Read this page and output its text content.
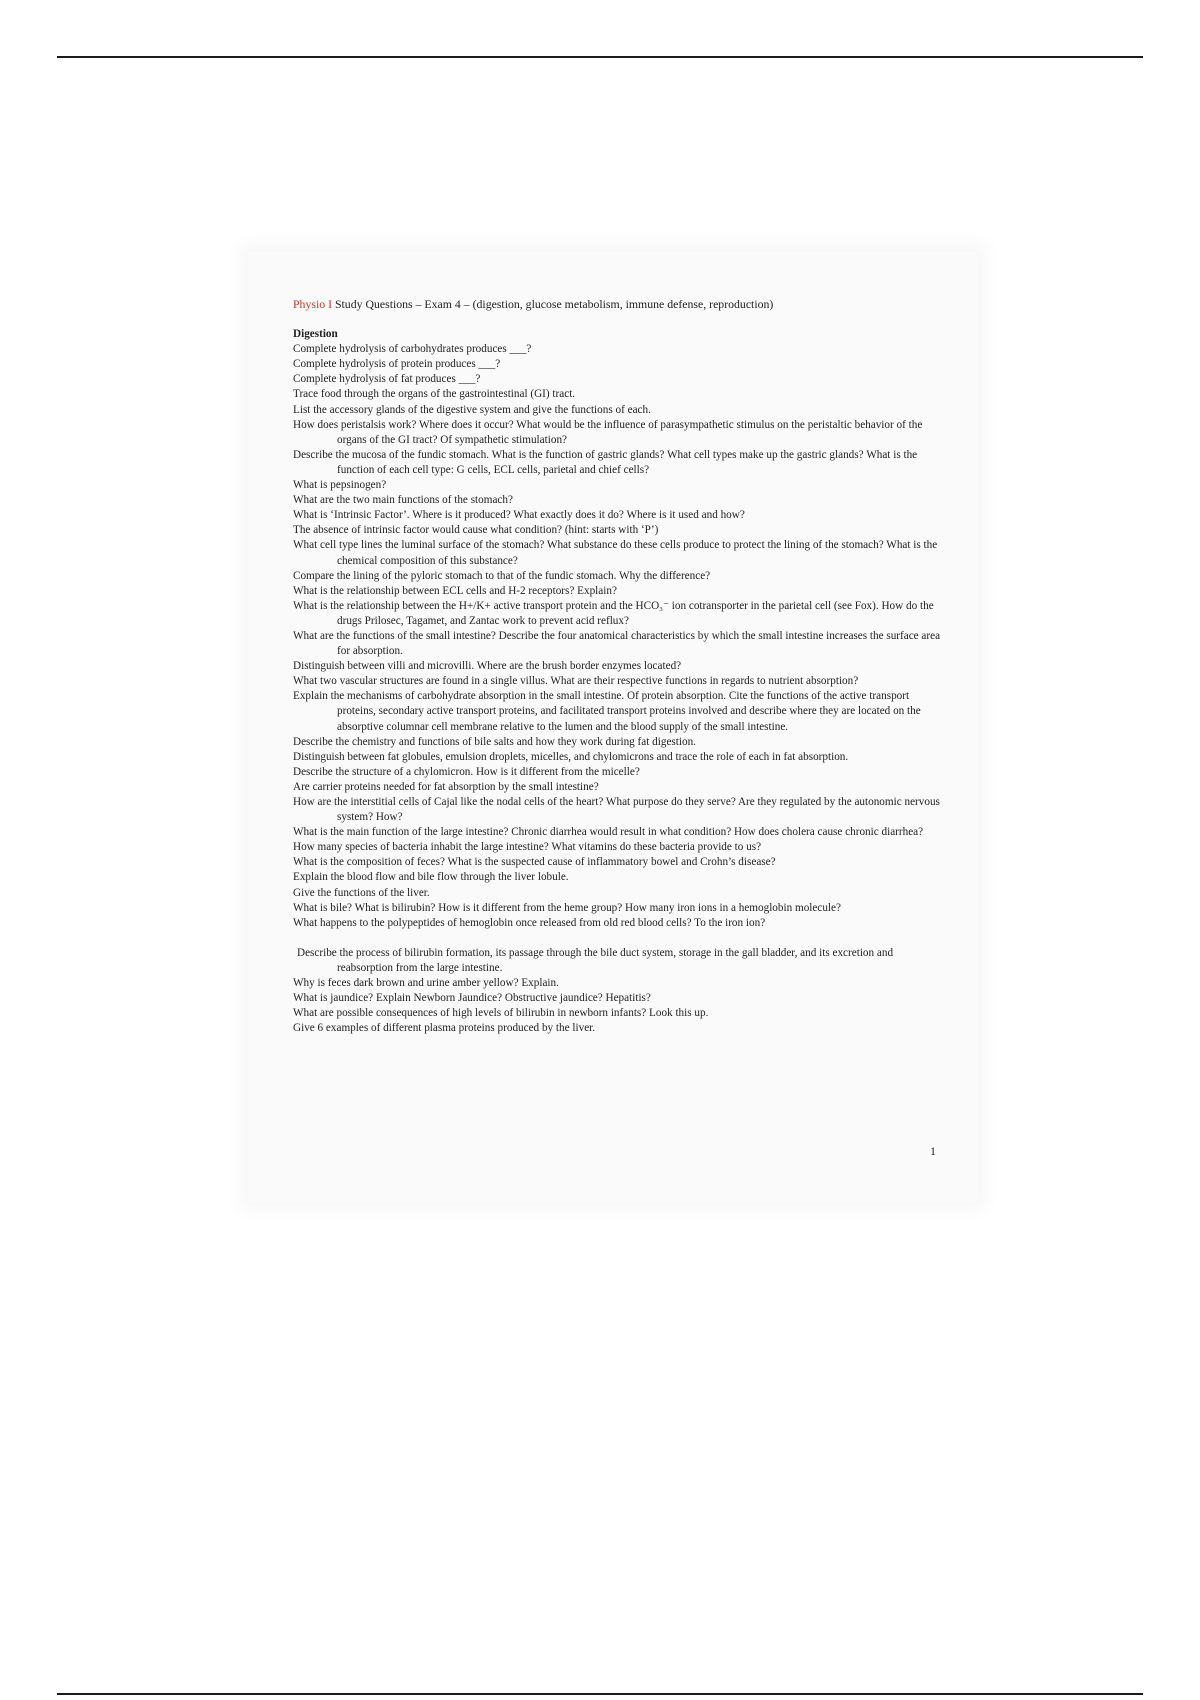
Physio I Study Questions – Exam 4 – (digestion, glucose metabolism, immune defense, reproduction)

Digestion

Complete hydrolysis of carbohydrates produces ___?

Complete hydrolysis of protein produces ___?

Complete hydrolysis of fat produces ___?

Trace food through the organs of the gastrointestinal (GI) tract.

List the accessory glands of the digestive system and give the functions of each.

How does peristalsis work? Where does it occur? What would be the influence of parasympathetic stimulus on the peristaltic behavior of the organs of the GI tract? Of sympathetic stimulation?

Describe the mucosa of the fundic stomach. What is the function of gastric glands? What cell types make up the gastric glands? What is the function of each cell type: G cells, ECL cells, parietal and chief cells?

What is pepsinogen?

What are the two main functions of the stomach?

What is ‘Intrinsic Factor’. Where is it produced? What exactly does it do? Where is it used and how?

The absence of intrinsic factor would cause what condition? (hint: starts with ‘P’)

What cell type lines the luminal surface of the stomach? What substance do these cells produce to protect the lining of the stomach? What is the chemical composition of this substance?

Compare the lining of the pyloric stomach to that of the fundic stomach. Why the difference?

What is the relationship between ECL cells and H-2 receptors? Explain?

What is the relationship between the H+/K+ active transport protein and the HCO₃⁻ ion cotransporter in the parietal cell (see Fox). How do the drugs Prilosec, Tagamet, and Zantac work to prevent acid reflux?

What are the functions of the small intestine? Describe the four anatomical characteristics by which the small intestine increases the surface area for absorption.

Distinguish between villi and microvilli. Where are the brush border enzymes located?

What two vascular structures are found in a single villus. What are their respective functions in regards to nutrient absorption?

Explain the mechanisms of carbohydrate absorption in the small intestine. Of protein absorption. Cite the functions of the active transport proteins, secondary active transport proteins, and facilitated transport proteins involved and describe where they are located on the absorptive columnar cell membrane relative to the lumen and the blood supply of the small intestine.

Describe the chemistry and functions of bile salts and how they work during fat digestion.

Distinguish between fat globules, emulsion droplets, micelles, and chylomicrons and trace the role of each in fat absorption.

Describe the structure of a chylomicron. How is it different from the micelle?

Are carrier proteins needed for fat absorption by the small intestine?

How are the interstitial cells of Cajal like the nodal cells of the heart? What purpose do they serve? Are they regulated by the autonomic nervous system? How?

What is the main function of the large intestine? Chronic diarrhea would result in what condition? How does cholera cause chronic diarrhea?

How many species of bacteria inhabit the large intestine? What vitamins do these bacteria provide to us?

What is the composition of feces? What is the suspected cause of inflammatory bowel and Crohn’s disease?

Explain the blood flow and bile flow through the liver lobule.

Give the functions of the liver.

What is bile? What is bilirubin? How is it different from the heme group? How many iron ions in a hemoglobin molecule?

What happens to the polypeptides of hemoglobin once released from old red blood cells? To the iron ion?

Describe the process of bilirubin formation, its passage through the bile duct system, storage in the gall bladder, and its excretion and reabsorption from the large intestine.

Why is feces dark brown and urine amber yellow? Explain.

What is jaundice? Explain Newborn Jaundice? Obstructive jaundice? Hepatitis?

What are possible consequences of high levels of bilirubin in newborn infants? Look this up.

Give 6 examples of different plasma proteins produced by the liver.

1
